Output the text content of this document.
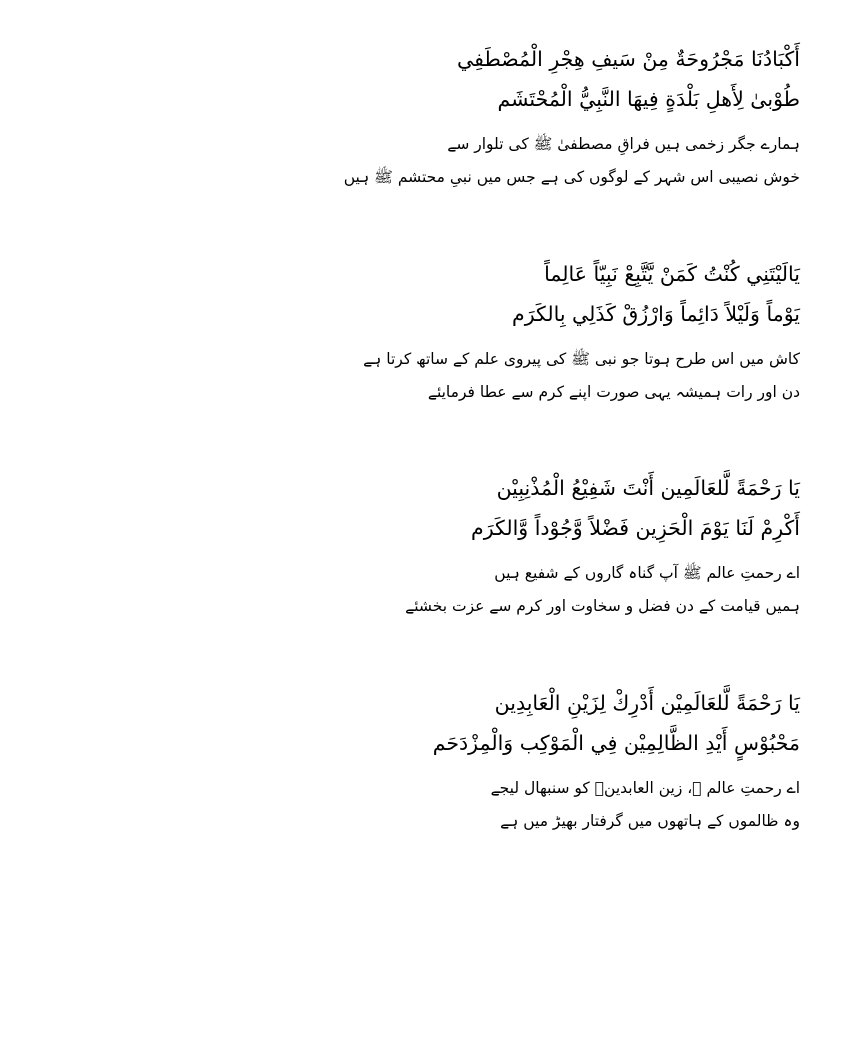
أَكْبَادُنَا مَجْرُوحَةٌ مِنْ سَيفِ هِجْرِ الْمُصْطَفِي
طُوْبىٰ لِأَهلِ بَلْدَةٍ فِيهَا النَّبِيُّ الْمُحْتَشَم
ہمارے جگر زخمی ہیں فراقِ مصطفیٰ ﷺ کی تلوار سے
خوش نصیبی اس شہر کے لوگوں کی ہے جس میں نبیِ محتشم ﷺ ہیں
يَالَيْتَنِي كُنْتُ كَمَنْ يَّتَّبِعْ نَبِيّاً عَالِماً
يَوْماً وَلَيْلاً دَائِماً وَارْزُقْ كَذَلِي بِالكَرَم
کاش میں اس طرح ہوتا جو نبی ﷺ کی پیروی علم کے ساتھ کرتا ہے
دن اور رات ہمیشہ یہی صورت اپنے کرم سے عطا فرمایئے
يَا رَحْمَةً لَّلعَالَمِين أَنْتَ شَفِيْعُ الْمُذْنِبِيْن
أَكْرِمْ لَنَا يَوْمَ الْحَزِين فَضْلاً وَّجُوْداً وَّالكَرَم
اے رحمتِ عالم ﷺ آپ گناہ گاروں کے شفیع ہیں
ہمیں قیامت کے دن فضل و سخاوت اور کرم سے عزت بخشئے
يَا رَحْمَةً لَّلعَالَمِيْن أَدْرِكْ لِزَيْنِ الْعَابِدِين
مَحْبُوْسٍ أَيْدِ الظَّالِمِيْن فِي الْمَوْكِب وَالْمِزْدَحَم
اے رحمتِ عالم ﷺ، زین العابدینؓ کو سنبھال لیجے
وہ ظالموں کے ہاتھوں میں گرفتار بھیڑ میں ہے
